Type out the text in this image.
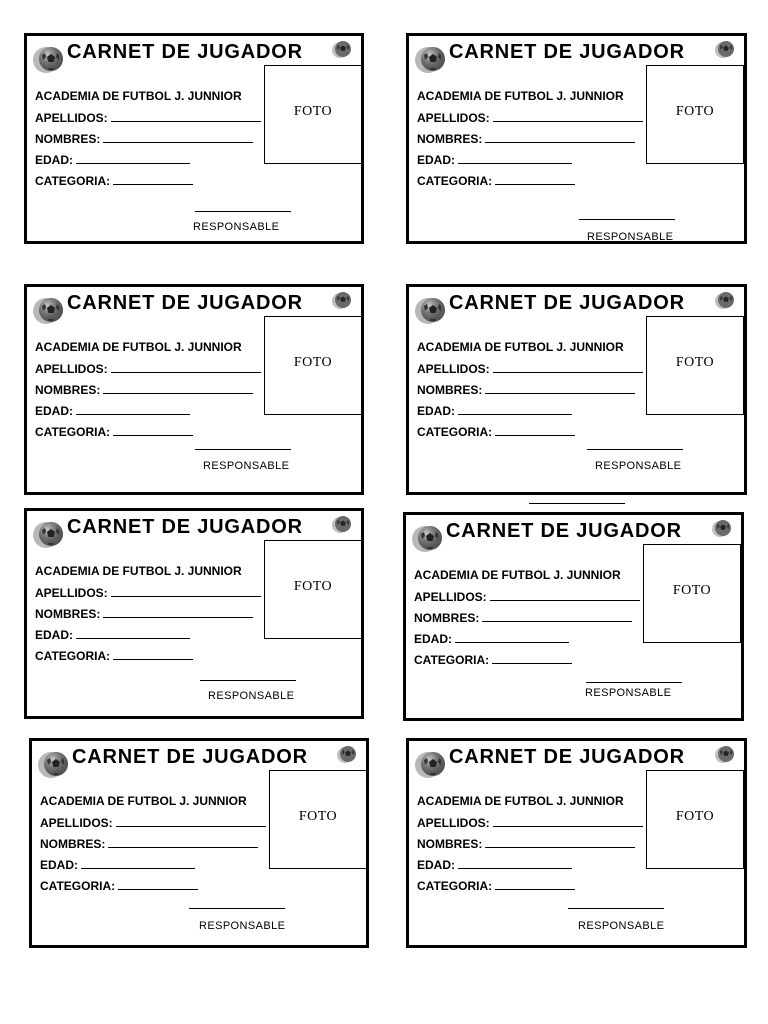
CARNET DE JUGADOR
FOTO
ACADEMIA DE FUTBOL J. JUNNIOR
APELLIDOS:
NOMBRES:
EDAD:
CATEGORIA:
RESPONSABLE
CARNET DE JUGADOR
FOTO
ACADEMIA DE FUTBOL J. JUNNIOR
APELLIDOS:
NOMBRES:
EDAD:
CATEGORIA:
RESPONSABLE
CARNET DE JUGADOR
FOTO
ACADEMIA DE FUTBOL J. JUNNIOR
APELLIDOS:
NOMBRES:
EDAD:
CATEGORIA:
RESPONSABLE
CARNET DE JUGADOR
FOTO
ACADEMIA DE FUTBOL J. JUNNIOR
APELLIDOS:
NOMBRES:
EDAD:
CATEGORIA:
RESPONSABLE
CARNET DE JUGADOR
FOTO
ACADEMIA DE FUTBOL J. JUNNIOR
APELLIDOS:
NOMBRES:
EDAD:
CATEGORIA:
RESPONSABLE
CARNET DE JUGADOR
FOTO
ACADEMIA DE FUTBOL J. JUNNIOR
APELLIDOS:
NOMBRES:
EDAD:
CATEGORIA:
RESPONSABLE
CARNET DE JUGADOR
FOTO
ACADEMIA DE FUTBOL J. JUNNIOR
APELLIDOS:
NOMBRES:
EDAD:
CATEGORIA:
RESPONSABLE
CARNET DE JUGADOR
FOTO
ACADEMIA DE FUTBOL J. JUNNIOR
APELLIDOS:
NOMBRES:
EDAD:
CATEGORIA:
RESPONSABLE
